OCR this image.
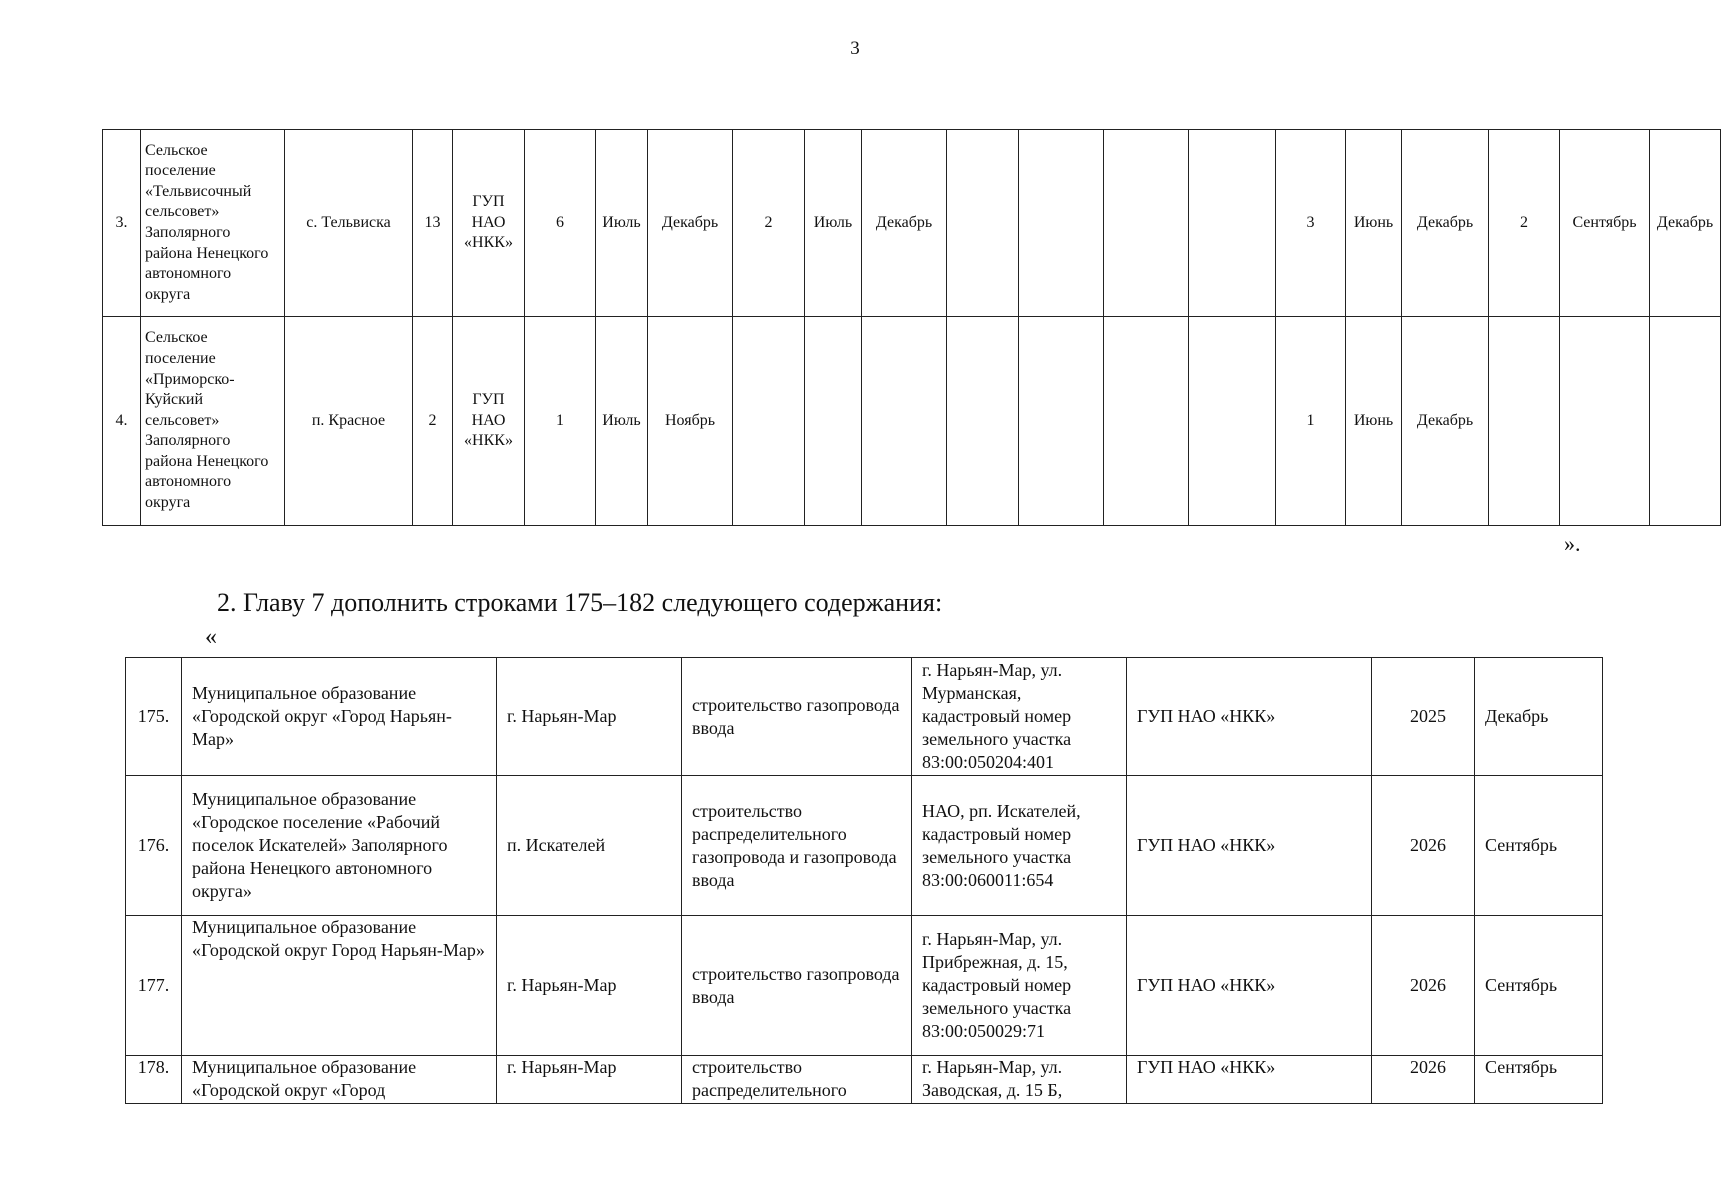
3
3.	Сельское поселение «Тельвисочный сельсовет» Заполярного района Ненецкого автономного округа	с. Тельвиска	13	ГУП НАО «НКК»	6	Июль	Декабрь	2	Июль	Декабрь					3	Июнь	Декабрь	2	Сентябрь	Декабрь
4.	Сельское поселение «Приморско-Куйский сельсовет» Заполярного района Ненецкого автономного округа	п. Красное	2	ГУП НАО «НКК»	1	Июль	Ноябрь								1	Июнь	Декабрь			
».
2. Главу 7 дополнить строками 175–182 следующего содержания:
«
175.	Муниципальное образование «Городской округ «Город Нарьян-Мар»	г. Нарьян-Мар	строительство газопровода ввода	г. Нарьян-Мар, ул. Мурманская, кадастровый номер земельного участка 83:00:050204:401	ГУП НАО «НКК»	2025	Декабрь
176.	Муниципальное образование «Городское поселение «Рабочий поселок Искателей» Заполярного района Ненецкого автономного округа»	п. Искателей	строительство распределительного газопровода и газопровода ввода	НАО, рп. Искателей, кадастровый номер земельного участка 83:00:060011:654	ГУП НАО «НКК»	2026	Сентябрь
177.	Муниципальное образование «Городской округ Город Нарьян-Мар»	г. Нарьян-Мар	строительство газопровода ввода	г. Нарьян-Мар, ул. Прибрежная, д. 15, кадастровый номер земельного участка 83:00:050029:71	ГУП НАО «НКК»	2026	Сентябрь
178.	Муниципальное образование «Городской округ «Город	г. Нарьян-Мар	строительство распределительного	г. Нарьян-Мар, ул. Заводская, д. 15 Б,	ГУП НАО «НКК»	2026	Сентябрь
